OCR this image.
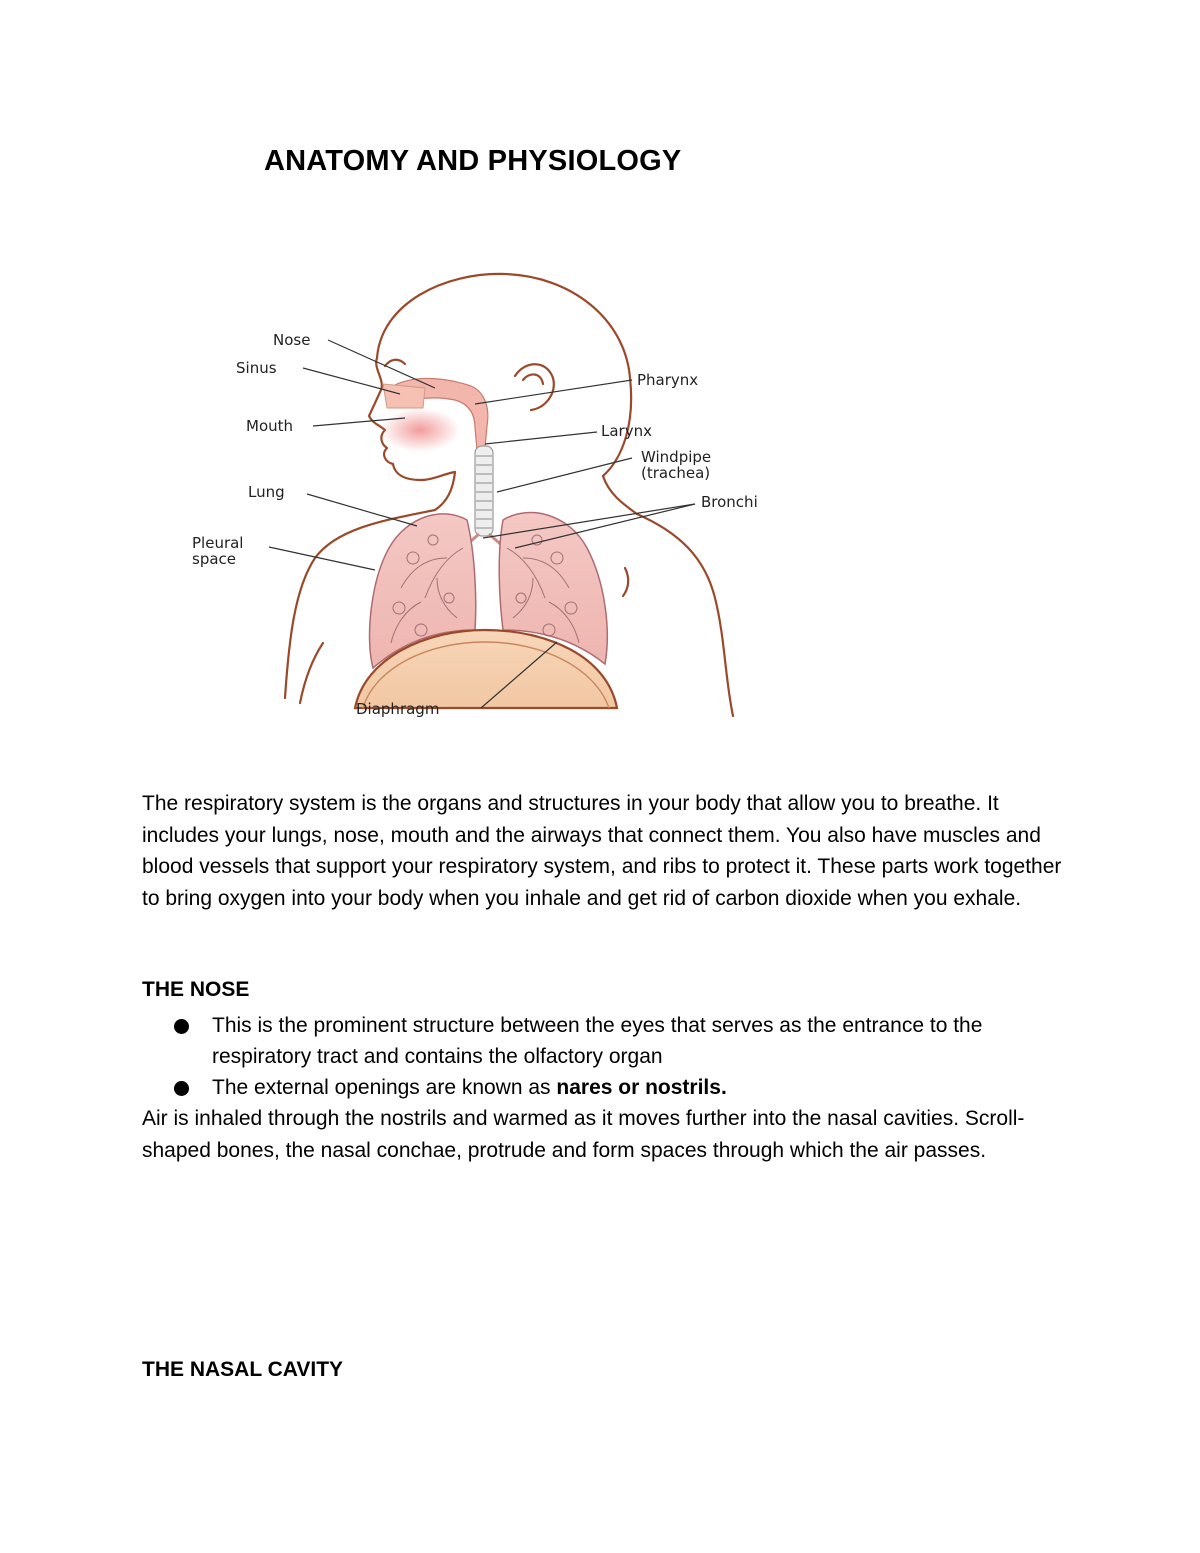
ANATOMY AND PHYSIOLOGY
Nose
Sinus
Mouth
Lung
Pleural
space
Pharynx
Larynx
Windpipe
(trachea)
Bronchi
Diaphragm

The respiratory system is the organs and structures in your body that allow you to breathe. It includes your lungs, nose, mouth and the airways that connect them. You also have muscles and blood vessels that support your respiratory system, and ribs to protect it. These parts work together to bring oxygen into your body when you inhale and get rid of carbon dioxide when you exhale.

THE NOSE
This is the prominent structure between the eyes that serves as the entrance to the respiratory tract and contains the olfactory organ
The external openings are known as nares or nostrils.

Air is inhaled through the nostrils and warmed as it moves further into the nasal cavities. Scroll-shaped bones, the nasal conchae, protrude and form spaces through which the air passes.

THE NASAL CAVITY
